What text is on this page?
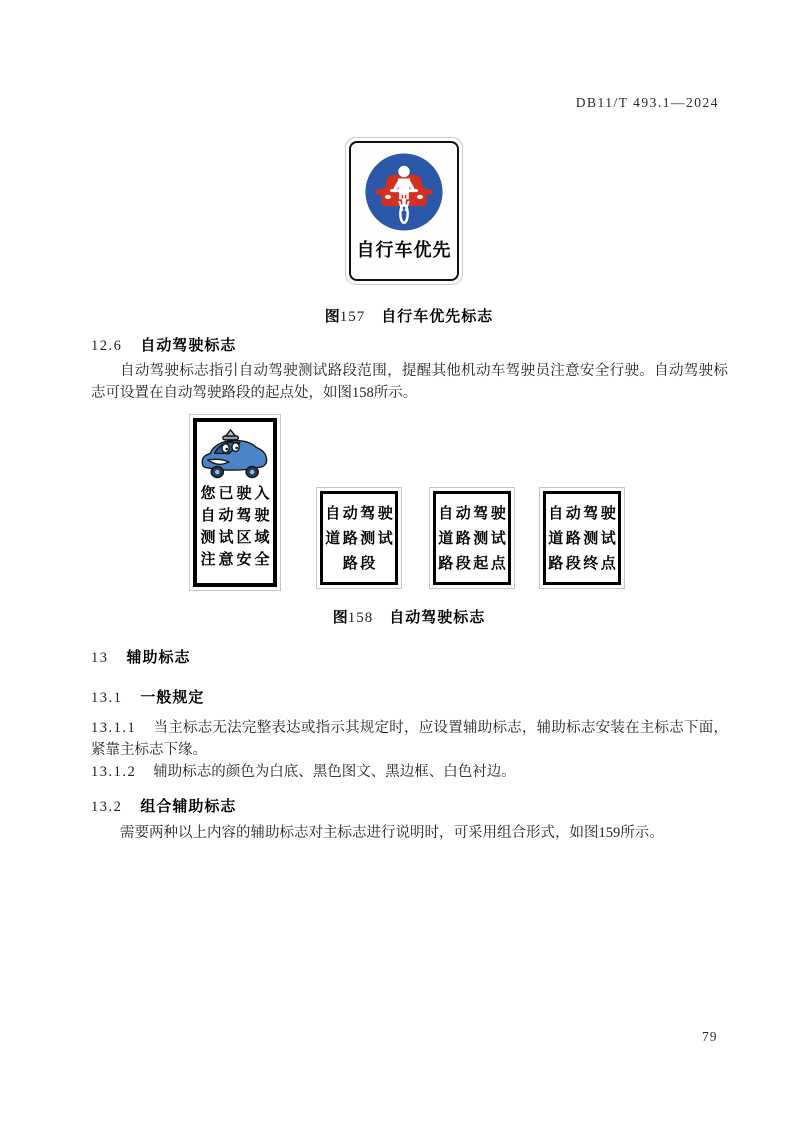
DB11/T 493.1—2024
自行车优先
图157 自行车优先标志
12.6 自动驾驶标志

自动驾驶标志指引自动驾驶测试路段范围，提醒其他机动车驾驶员注意安全行驶。自动驾驶标志可设置在自动驾驶路段的起点处，如图158所示。

您已驶入
自动驾驶
测试区域
注意安全
自动驾驶
道路测试
路段
自动驾驶
道路测试
路段起点
自动驾驶
道路测试
路段终点
图158 自动驾驶标志
13 辅助标志
13.1 一般规定

13.1.1 当主标志无法完整表达或指示其规定时，应设置辅助标志，辅助标志安装在主标志下面，紧靠主标志下缘。

13.1.2 辅助标志的颜色为白底、黑色图文、黑边框、白色衬边。

13.2 组合辅助标志

需要两种以上内容的辅助标志对主标志进行说明时，可采用组合形式，如图159所示。

79
